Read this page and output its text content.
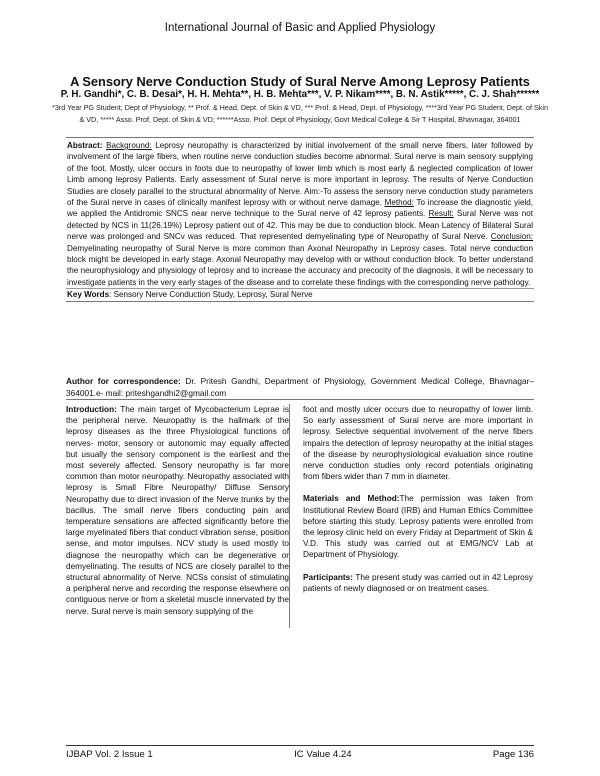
International Journal of Basic and Applied Physiology
A Sensory Nerve Conduction Study of Sural Nerve Among Leprosy Patients
P. H. Gandhi*, C. B. Desai*, H. H. Mehta**, H. B. Mehta***, V. P. Nikam****, B. N. Astik*****, C. J. Shah******
*3rd Year PG Student; Dept of Physiology, ** Prof. & Head, Dept. of Skin & VD, *** Prof. & Head, Dept. of Physiology, ****3rd Year PG Student, Dept. of Skin & VD, ***** Asso. Prof, Dept. of Skin & VD; ******Asso. Prof. Dept of Physiology, Govt Medical College & Sir T Hospital, Bhavnagar, 364001

Abstract: Background: Leprosy neuropathy is characterized by initial involvement of the small nerve fibers, later followed by involvement of the large fibers, when routine nerve conduction studies become abnormal. Sural nerve is main sensory supplying of the foot. Mostly, ulcer occurs in foots due to neuropathy of lower limb which is most early & neglected complication of lower Limb among leprosy Patients. Early assessment of Sural nerve is more important in leprosy. The results of Nerve Conduction Studies are closely parallel to the structural abnormality of Nerve. Aim:-To assess the sensory nerve conduction study parameters of the Sural nerve in cases of clinically manifest leprosy with or without nerve damage. Method: To increase the diagnostic yield, we applied the Antidromic SNCS near nerve technique to the Sural nerve of 42 leprosy patients. Result: Sural Nerve was not detected by NCS in 11(26.19%) Leprosy patient out of 42. This may be due to conduction block. Mean Latency of Bilateral Sural nerve was prolonged and SNCv was reduced. That represented demyelinating type of Neuropathy of Sural Nerve. Conclusion: Demyelinating neuropathy of Sural Nerve is more common than Axonal Neuropathy in Leprosy cases. Total nerve conduction block might be developed in early stage. Axonal Neuropathy may develop with or without conduction block. To better understand the neurophysiology and physiology of leprosy and to increase the accuracy and precocity of the diagnosis, it will be necessary to investigate patients in the very early stages of the disease and to correlate these findings with the corresponding nerve pathology.

Key Words: Sensory Nerve Conduction Study, Leprosy, Sural Nerve

Author for correspondence: Dr. Pritesh Gandhi, Department of Physiology, Government Medical College, Bhavnagar–364001.e- mail: priteshgandhi2@gmail.com

Introduction: The main target of Mycobacterium Leprae is the peripheral nerve. Neuropathy is the hallmark of the leprosy diseases as the three Physiological functions of nerves- motor, sensory or autonomic may equally affected but usually the sensory component is the earliest and the most severely affected. Sensory neuropathy is far more common than motor neuropathy. Neuropathy associated with leprosy is Small Fibre Neuropathy/ Diffuse Sensory Neuropathy due to direct invasion of the Nerve trunks by the bacillus. The small nerve fibers conducting pain and temperature sensations are affected significantly before the large myelinated fibers that conduct vibration sense, position sense, and motor impulses. NCV study is used mostly to diagnose the neuropathy which can be degenerative or demyelinating. The results of NCS are closely parallel to the structural abnormality of Nerve. NCSs consist of stimulating a peripheral nerve and recording the response elsewhere on contiguous nerve or from a skeletal muscle innervated by the nerve. Sural nerve is main sensory supplying of the

foot and mostly ulcer occurs due to neuropathy of lower limb. So early assessment of Sural nerve are more important in leprosy. Selective sequential involvement of the nerve fibers impairs the detection of leprosy neuropathy at the initial stages of the disease by neurophysiological evaluation since routine nerve conduction studies only record potentials originating from fibers wider than 7 mm in diameter.

Materials and Method:The permission was taken from Institutional Review Board (IRB) and Human Ethics Committee before starting this study. Leprosy patients were enrolled from the leprosy clinic held on every Friday at Department of Skin & V.D. This study was carried out at EMG/NCV Lab at Department of Physiology.

Participants: The present study was carried out in 42 Leprosy patients of newly diagnosed or on treatment cases.

IJBAP Vol. 2 Issue 1	IC Value 4.24	Page 136
